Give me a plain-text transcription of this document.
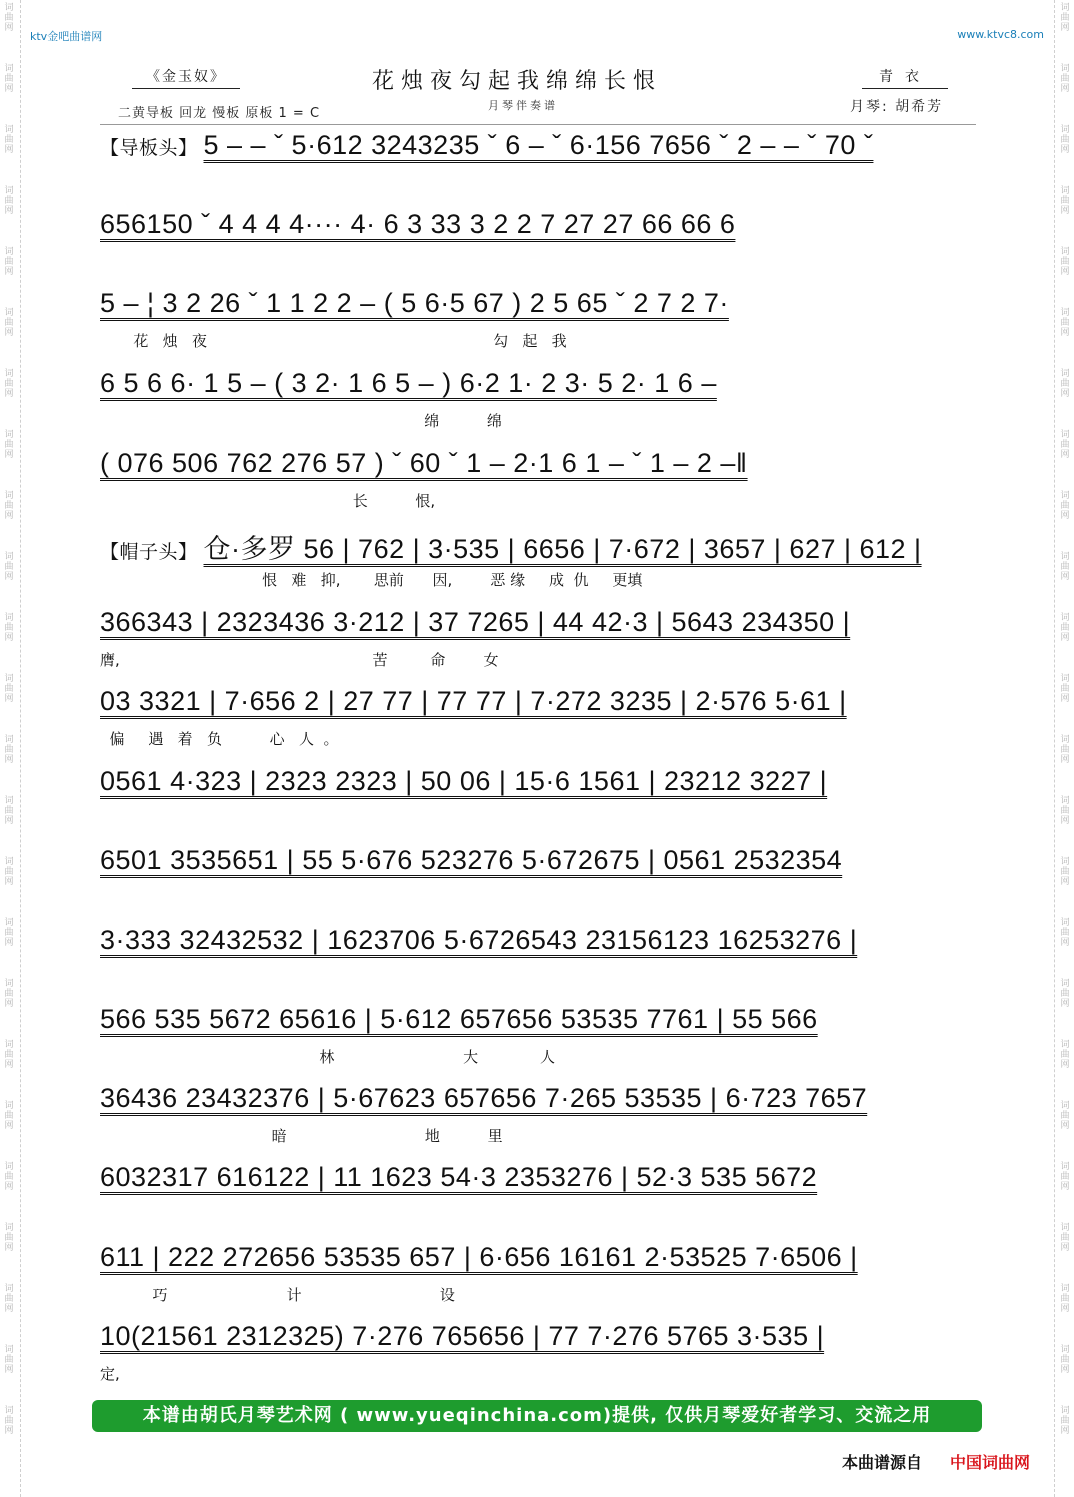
词
曲
网
词
曲
网
词
曲
网
词
曲
网
词
曲
网
词
曲
网
词
曲
网
词
曲
网
词
曲
网
词
曲
网
词
曲
网
词
曲
网
词
曲
网
词
曲
网
词
曲
网
词
曲
网
词
曲
网
词
曲
网
词
曲
网
词
曲
网
词
曲
网
词
曲
网
词
曲
网
词
曲
网
词
曲
网
词
曲
网
词
曲
网
词
曲
网
词
曲
网
词
曲
网
词
曲
网
词
曲
网
词
曲
网
词
曲
网
词
曲
网
词
曲
网
词
曲
网
词
曲
网
词
曲
网
词
曲
网
词
曲
网
词
曲
网
词
曲
网
词
曲
网
词
曲
网
词
曲
网
词
曲
网
词
曲
网
ktv金吧曲谱网	www.ktvc8.com
《金玉奴》	花烛夜勾起我绵绵长恨
月琴伴奏谱
青衣
二黄导板 回龙 慢板 原板 1 = C	月琴: 胡希芳
【导板头】 5 – – ˇ 5·612 3243235 ˇ 6 – ˇ 6·156 7656 ˇ 2 – – ˇ 70 ˇ
656150 ˇ 4 4 4 4···· 4· 6 3 33 3 2 2 7 27 27 66 66 6
5 – ¦ 3 2 26 ˇ 1 1 2 2 – ( 5 6·5 67 ) 2 5 65 ˇ 2 7 2 7·
花   烛   夜                                                            勾   起   我
6 5 6 6· 1 5 – ( 3 2· 1 6 5 – ) 6·2 1· 2 3· 5 2· 1 6 –
绵          绵
( 076 506 762 276 57 ) ˇ 60 ˇ 1 – 2·1 6 1 – ˇ 1 – 2 –‖
长          恨,
【帽子头】 仓·多罗 56 | 762 | 3·535 | 6656 | 7·672 | 3657 | 627 | 612 |
恨   难   抑,       思前      因,        恶 缘     成  仇     更填
366343 | 2323436 3·212 | 37 7265 | 44 42·3 | 5643 234350 |
膺,                                                     苦         命        女
03 3321 | 7·656 2 | 27 77 | 77 77 | 7·272 3235 | 2·576 5·61 |
偏     遇   着   负          心   人  。
0561 4·323 | 2323 2323 | 50 06 | 15·6 1561 | 23212 3227 |
6501 3535651 | 55 5·676 523276 5·672675 | 0561 2532354
3·333 32432532 | 1623706 5·6726543 23156123 16253276 |
566 535 5672 65616 | 5·612 657656 53535 7761 | 55 566
林                           大             人
36436 23432376 | 5·67623 657656 7·265 53535 | 6·723 7657
暗                             地          里
6032317 616122 | 11 1623 54·3 2353276 | 52·3 535 5672
611 | 222 272656 53535 657 | 6·656 16161 2·53525 7·6506 |
巧                         计                             设
10(21561 2312325) 7·276 765656 | 77 7·276 5765 3·535 |
定,
本谱由胡氏月琴艺术网 ( www.yueqinchina.com)提供, 仅供月琴爱好者学习、交流之用
本曲谱源自 中国词曲网
